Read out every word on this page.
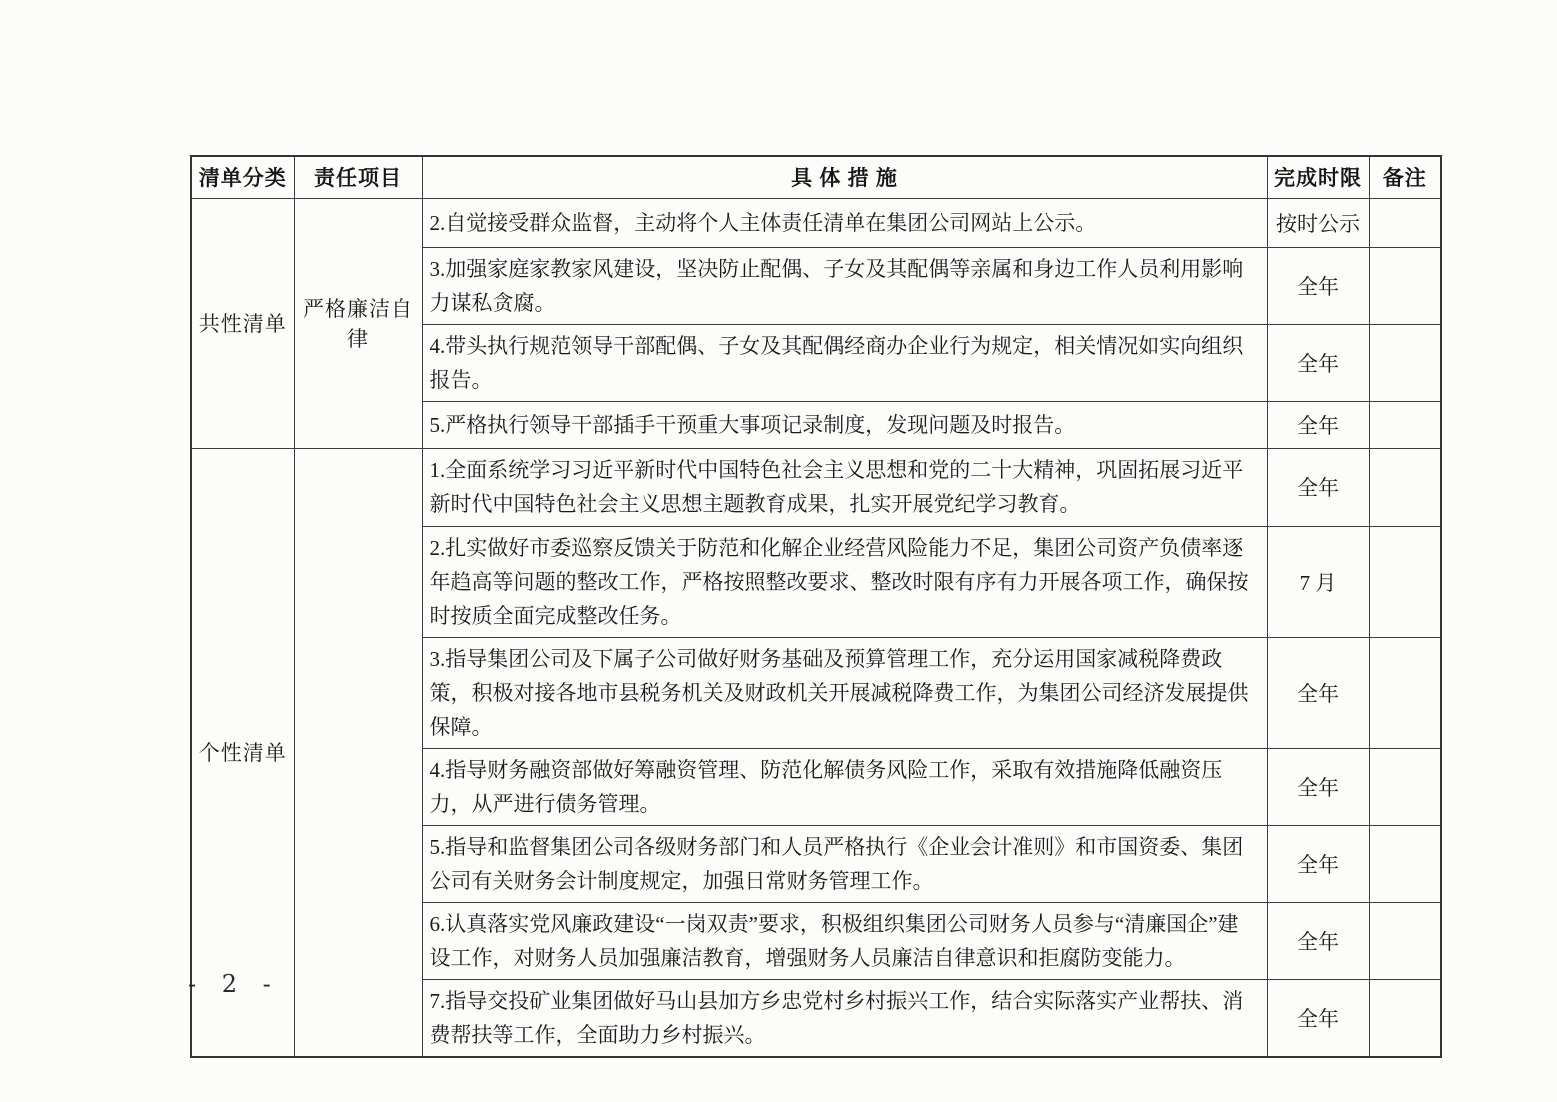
清单分类	责任项目	具 体 措 施	完成时限	备注
共性清单	严格廉洁自律	2.自觉接受群众监督，主动将个人主体责任清单在集团公司网站上公示。	按时公示	
		3.加强家庭家教家风建设，坚决防止配偶、子女及其配偶等亲属和身边工作人员利用影响力谋私贪腐。	全年	
		4.带头执行规范领导干部配偶、子女及其配偶经商办企业行为规定，相关情况如实向组织报告。	全年	
		5.严格执行领导干部插手干预重大事项记录制度，发现问题及时报告。	全年	
个性清单		1.全面系统学习习近平新时代中国特色社会主义思想和党的二十大精神，巩固拓展习近平新时代中国特色社会主义思想主题教育成果，扎实开展党纪学习教育。	全年	
		2.扎实做好市委巡察反馈关于防范和化解企业经营风险能力不足，集团公司资产负债率逐年趋高等问题的整改工作，严格按照整改要求、整改时限有序有力开展各项工作，确保按时按质全面完成整改任务。	7 月	
		3.指导集团公司及下属子公司做好财务基础及预算管理工作，充分运用国家减税降费政策，积极对接各地市县税务机关及财政机关开展减税降费工作，为集团公司经济发展提供保障。	全年	
		4.指导财务融资部做好筹融资管理、防范化解债务风险工作，采取有效措施降低融资压力，从严进行债务管理。	全年	
		5.指导和监督集团公司各级财务部门和人员严格执行《企业会计准则》和市国资委、集团公司有关财务会计制度规定，加强日常财务管理工作。	全年	
		6.认真落实党风廉政建设“一岗双责”要求，积极组织集团公司财务人员参与“清廉国企”建设工作，对财务人员加强廉洁教育，增强财务人员廉洁自律意识和拒腐防变能力。	全年	
		7.指导交投矿业集团做好马山县加方乡忠党村乡村振兴工作，结合实际落实产业帮扶、消费帮扶等工作，全面助力乡村振兴。	全年	
- 2 -
